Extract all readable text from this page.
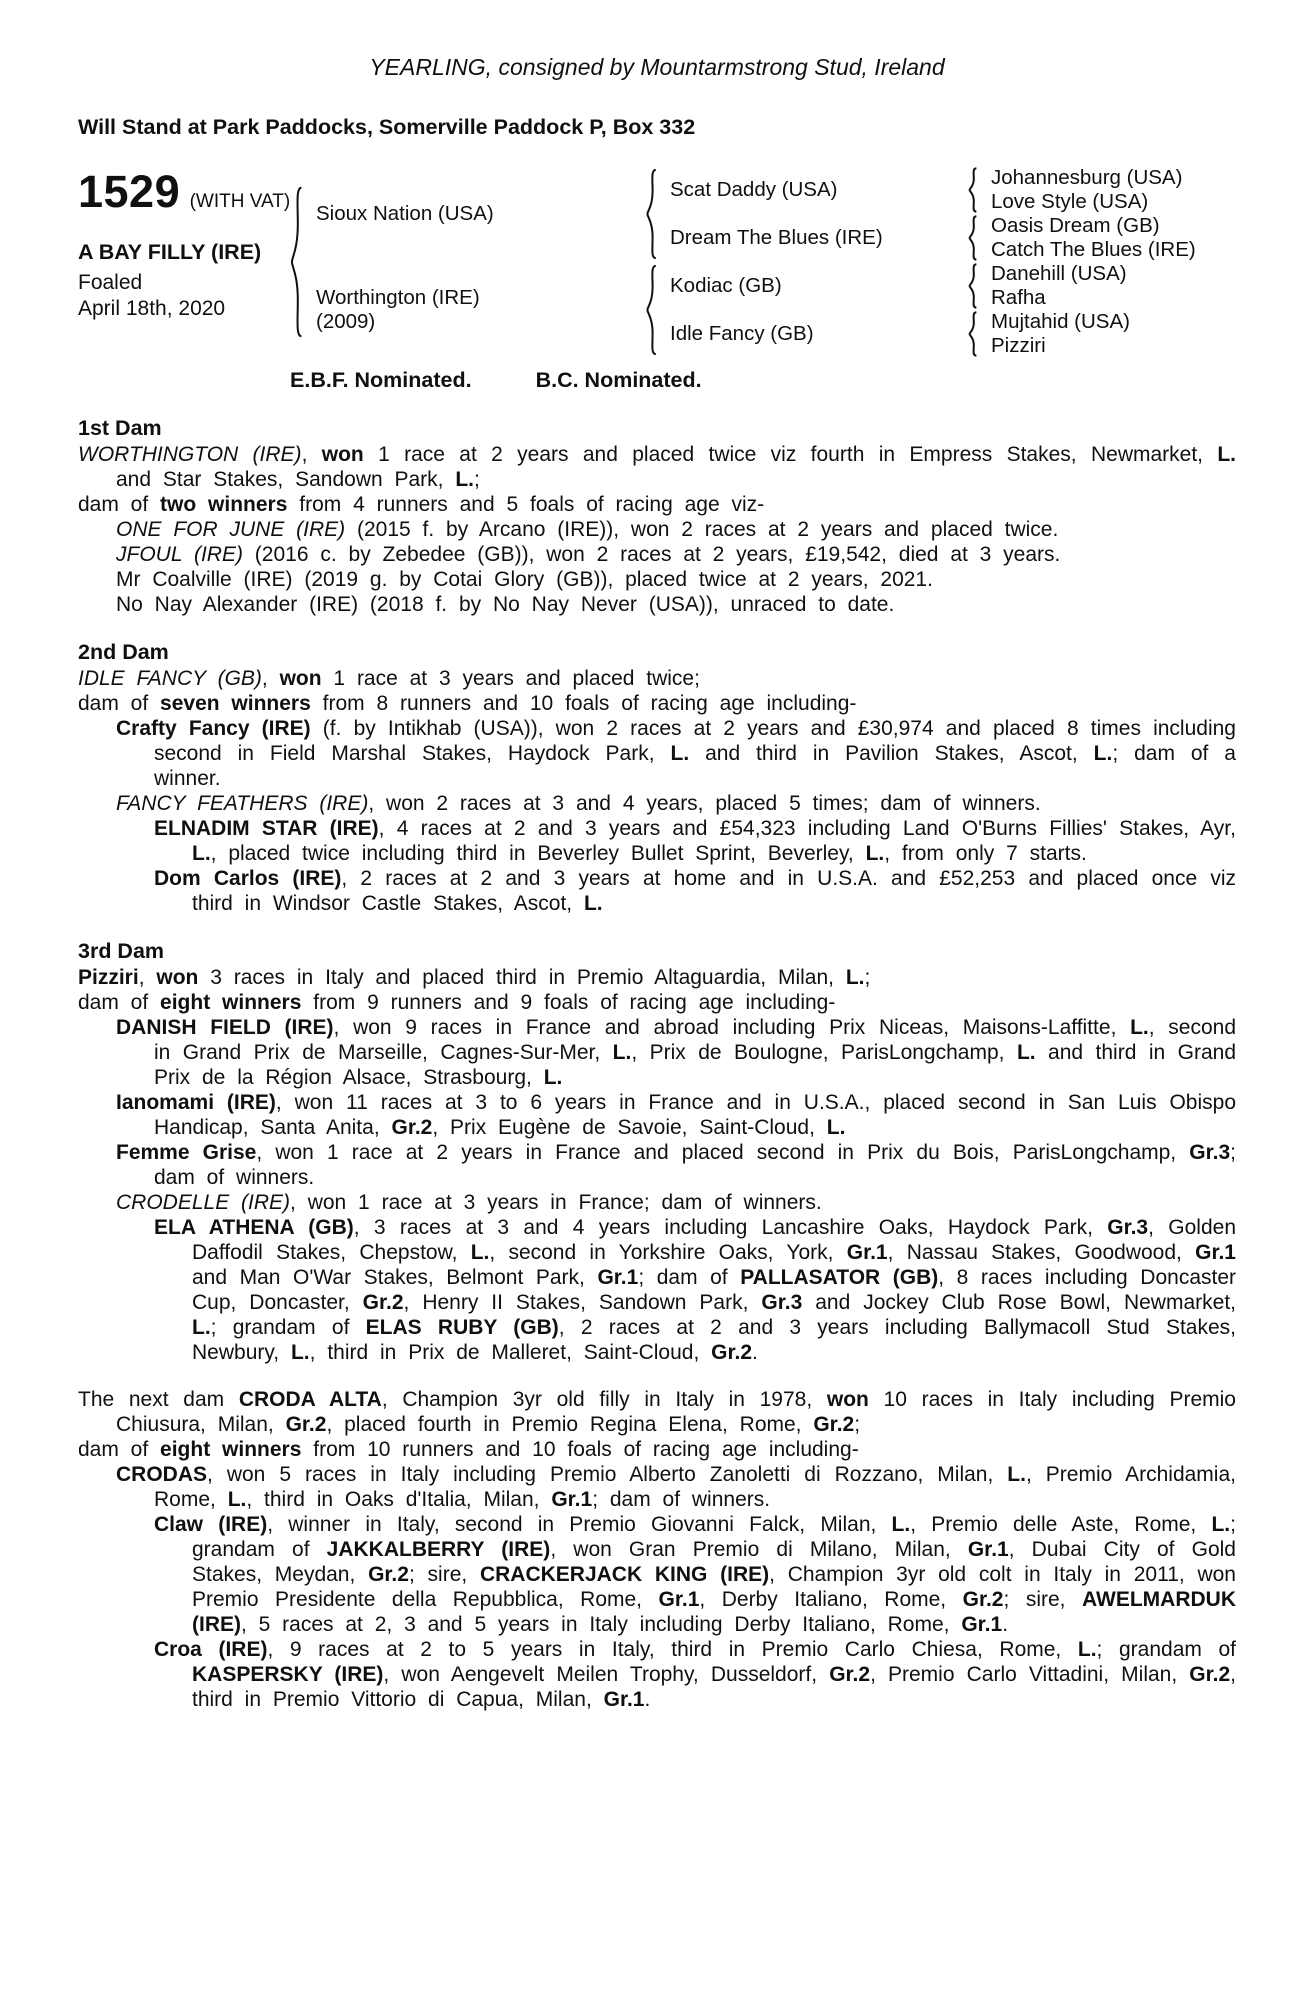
YEARLING, consigned by Mountarmstrong Stud, Ireland
Will Stand at Park Paddocks, Somerville Paddock P, Box 332
1529 (WITH VAT)
A BAY FILLY (IRE)
Foaled
April 18th, 2020
Sioux Nation (USA)
Worthington (IRE)
(2009)
Scat Daddy (USA)
Dream The Blues (IRE)
Kodiac (GB)
Idle Fancy (GB)
Johannesburg (USA)
Love Style (USA)
Oasis Dream (GB)
Catch The Blues (IRE)
Danehill (USA)
Rafha
Mujtahid (USA)
Pizziri
E.B.F. Nominated.	B.C. Nominated.
1st Dam

WORTHINGTON (IRE), won 1 race at 2 years and placed twice viz fourth in Empress Stakes, Newmarket, L. and Star Stakes, Sandown Park, L.;

dam of two winners from 4 runners and 5 foals of racing age viz-

ONE FOR JUNE (IRE) (2015 f. by Arcano (IRE)), won 2 races at 2 years and placed twice.

JFOUL (IRE) (2016 c. by Zebedee (GB)), won 2 races at 2 years, £19,542, died at 3 years.

Mr Coalville (IRE) (2019 g. by Cotai Glory (GB)), placed twice at 2 years, 2021.

No Nay Alexander (IRE) (2018 f. by No Nay Never (USA)), unraced to date.

2nd Dam

IDLE FANCY (GB), won 1 race at 3 years and placed twice;

dam of seven winners from 8 runners and 10 foals of racing age including-

Crafty Fancy (IRE) (f. by Intikhab (USA)), won 2 races at 2 years and £30,974 and placed 8 times including second in Field Marshal Stakes, Haydock Park, L. and third in Pavilion Stakes, Ascot, L.; dam of a winner.

FANCY FEATHERS (IRE), won 2 races at 3 and 4 years, placed 5 times; dam of winners.

ELNADIM STAR (IRE), 4 races at 2 and 3 years and £54,323 including Land O'Burns Fillies' Stakes, Ayr, L., placed twice including third in Beverley Bullet Sprint, Beverley, L., from only 7 starts.

Dom Carlos (IRE), 2 races at 2 and 3 years at home and in U.S.A. and £52,253 and placed once viz third in Windsor Castle Stakes, Ascot, L.

3rd Dam

Pizziri, won 3 races in Italy and placed third in Premio Altaguardia, Milan, L.;

dam of eight winners from 9 runners and 9 foals of racing age including-

DANISH FIELD (IRE), won 9 races in France and abroad including Prix Niceas, Maisons-Laffitte, L., second in Grand Prix de Marseille, Cagnes-Sur-Mer, L., Prix de Boulogne, ParisLongchamp, L. and third in Grand Prix de la Région Alsace, Strasbourg, L.

Ianomami (IRE), won 11 races at 3 to 6 years in France and in U.S.A., placed second in San Luis Obispo Handicap, Santa Anita, Gr.2, Prix Eugène de Savoie, Saint-Cloud, L.

Femme Grise, won 1 race at 2 years in France and placed second in Prix du Bois, ParisLongchamp, Gr.3; dam of winners.

CRODELLE (IRE), won 1 race at 3 years in France; dam of winners.

ELA ATHENA (GB), 3 races at 3 and 4 years including Lancashire Oaks, Haydock Park, Gr.3, Golden Daffodil Stakes, Chepstow, L., second in Yorkshire Oaks, York, Gr.1, Nassau Stakes, Goodwood, Gr.1 and Man O'War Stakes, Belmont Park, Gr.1; dam of PALLASATOR (GB), 8 races including Doncaster Cup, Doncaster, Gr.2, Henry II Stakes, Sandown Park, Gr.3 and Jockey Club Rose Bowl, Newmarket, L.; grandam of ELAS RUBY (GB), 2 races at 2 and 3 years including Ballymacoll Stud Stakes, Newbury, L., third in Prix de Malleret, Saint-Cloud, Gr.2.

The next dam CRODA ALTA, Champion 3yr old filly in Italy in 1978, won 10 races in Italy including Premio Chiusura, Milan, Gr.2, placed fourth in Premio Regina Elena, Rome, Gr.2;

dam of eight winners from 10 runners and 10 foals of racing age including-

CRODAS, won 5 races in Italy including Premio Alberto Zanoletti di Rozzano, Milan, L., Premio Archidamia, Rome, L., third in Oaks d'Italia, Milan, Gr.1; dam of winners.

Claw (IRE), winner in Italy, second in Premio Giovanni Falck, Milan, L., Premio delle Aste, Rome, L.; grandam of JAKKALBERRY (IRE), won Gran Premio di Milano, Milan, Gr.1, Dubai City of Gold Stakes, Meydan, Gr.2; sire, CRACKERJACK KING (IRE), Champion 3yr old colt in Italy in 2011, won Premio Presidente della Repubblica, Rome, Gr.1, Derby Italiano, Rome, Gr.2; sire, AWELMARDUK (IRE), 5 races at 2, 3 and 5 years in Italy including Derby Italiano, Rome, Gr.1.

Croa (IRE), 9 races at 2 to 5 years in Italy, third in Premio Carlo Chiesa, Rome, L.; grandam of KASPERSKY (IRE), won Aengevelt Meilen Trophy, Dusseldorf, Gr.2, Premio Carlo Vittadini, Milan, Gr.2, third in Premio Vittorio di Capua, Milan, Gr.1.
